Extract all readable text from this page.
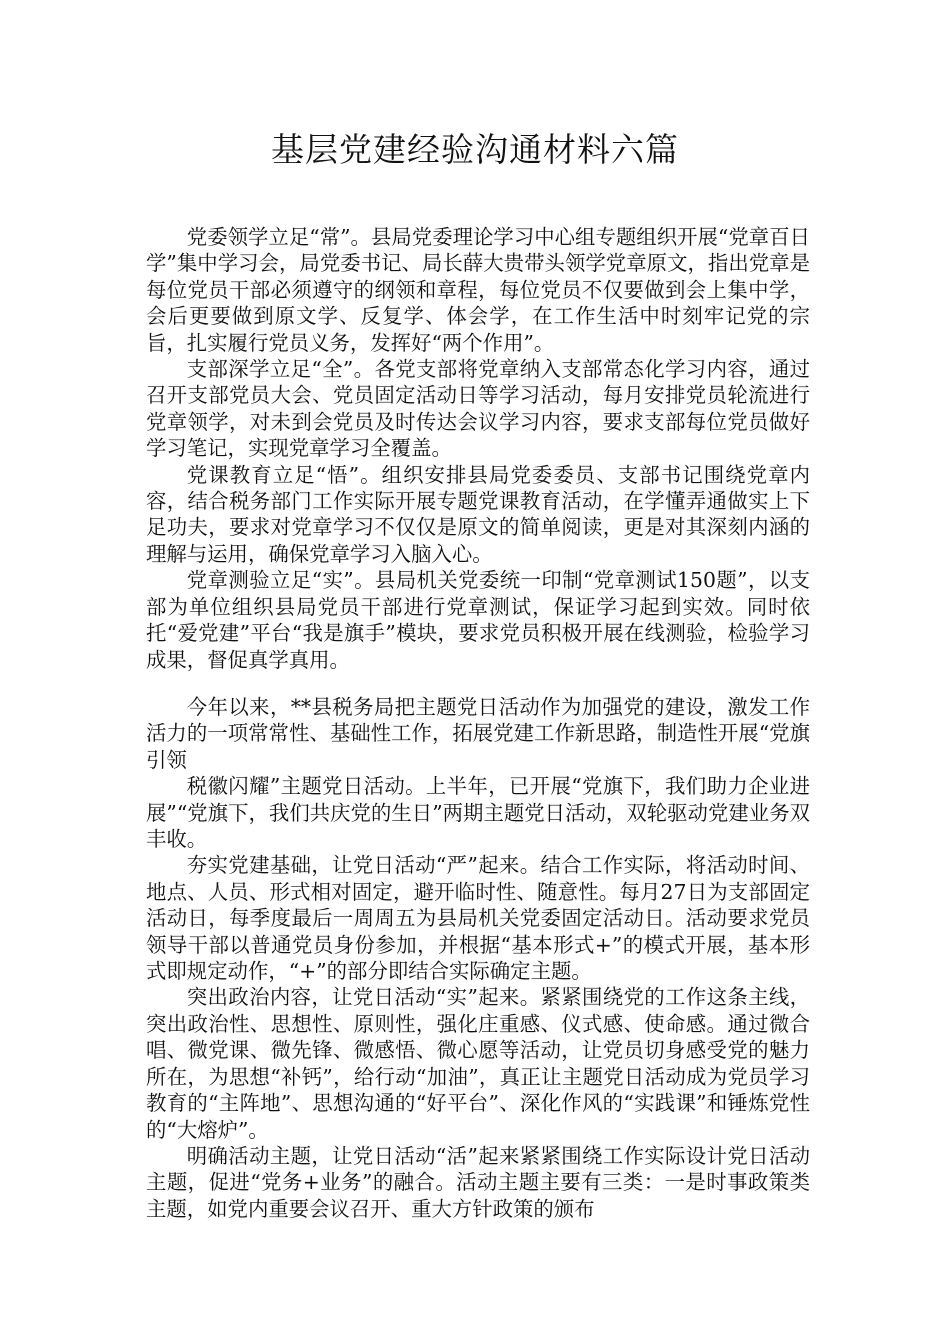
基层党建经验沟通材料六篇

党委领学立足“常”。县局党委理论学习中心组专题组织开展“党章百日学”集中学习会，局党委书记、局长薛大贵带头领学党章原文，指出党章是每位党员干部必须遵守的纲领和章程，每位党员不仅要做到会上集中学，会后更要做到原文学、反复学、体会学，在工作生活中时刻牢记党的宗旨，扎实履行党员义务，发挥好“两个作用”。

支部深学立足“全”。各党支部将党章纳入支部常态化学习内容，通过召开支部党员大会、党员固定活动日等学习活动，每月安排党员轮流进行党章领学，对未到会党员及时传达会议学习内容，要求支部每位党员做好学习笔记，实现党章学习全覆盖。

党课教育立足“悟”。组织安排县局党委委员、支部书记围绕党章内容，结合税务部门工作实际开展专题党课教育活动，在学懂弄通做实上下足功夫，要求对党章学习不仅仅是原文的简单阅读，更是对其深刻内涵的理解与运用，确保党章学习入脑入心。

党章测验立足“实”。县局机关党委统一印制“党章测试150题”，以支部为单位组织县局党员干部进行党章测试，保证学习起到实效。同时依托“爱党建”平台“我是旗手”模块，要求党员积极开展在线测验，检验学习成果，督促真学真用。

今年以来，**县税务局把主题党日活动作为加强党的建设，激发工作活力的一项常常性、基础性工作，拓展党建工作新思路，制造性开展“党旗引领

税徽闪耀”主题党日活动。上半年，已开展“党旗下，我们助力企业进展”“党旗下，我们共庆党的生日”两期主题党日活动，双轮驱动党建业务双丰收。

夯实党建基础，让党日活动“严”起来。结合工作实际，将活动时间、地点、人员、形式相对固定，避开临时性、随意性。每月27日为支部固定活动日，每季度最后一周周五为县局机关党委固定活动日。活动要求党员领导干部以普通党员身份参加，并根据“基本形式+”的模式开展，基本形式即规定动作，“+”的部分即结合实际确定主题。

突出政治内容，让党日活动“实”起来。紧紧围绕党的工作这条主线，突出政治性、思想性、原则性，强化庄重感、仪式感、使命感。通过微合唱、微党课、微先锋、微感悟、微心愿等活动，让党员切身感受党的魅力所在，为思想“补钙”，给行动“加油”，真正让主题党日活动成为党员学习教育的“主阵地”、思想沟通的“好平台”、深化作风的“实践课”和锤炼党性的“大熔炉”。

明确活动主题，让党日活动“活”起来紧紧围绕工作实际设计党日活动主题，促进“党务+业务”的融合。活动主题主要有三类：一是时事政策类主题，如党内重要会议召开、重大方针政策的颁布
